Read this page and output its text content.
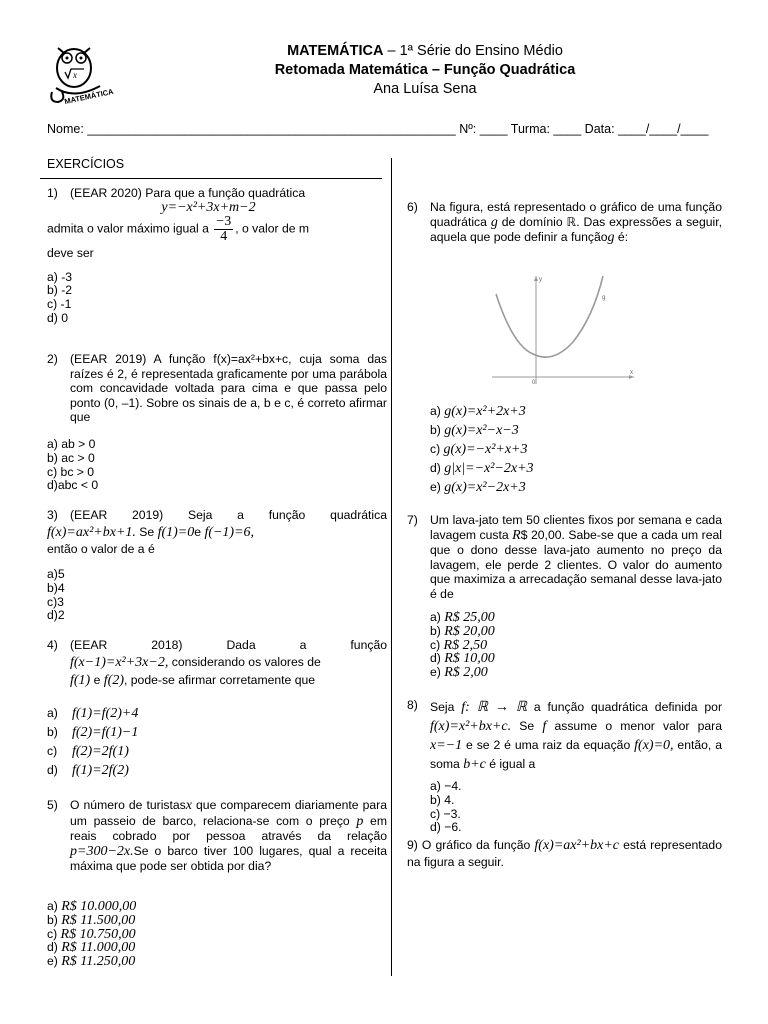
x
MATEMÁTICA
MATEMÁTICA – 1ª Série do Ensino Médio
Retomada Matemática – Função Quadrática
Ana Luísa Sena
Nome: _____________________________________________________ Nº: ____ Turma: ____ Data: ____/____/____
EXERCÍCIOS
1) (EEAR 2020) Para que a função quadrática
y=−x²+3x+m−2
admita o valor máximo igual a $\frac{-3}{4}$ , o valor de m
deve ser
a) -3
b) -2
c) -1
d) 0
2) (EEAR 2019) A função f(x)=ax²+bx+c, cuja soma das raízes é 2, é representada graficamente por uma parábola com concavidade voltada para cima e que passa pelo ponto (0, –1). Sobre os sinais de a, b e c, é correto afirmar que
a) ab > 0
b) ac > 0
c) bc > 0
d)abc < 0
3) (EEAR 2019) Seja a função quadrática
f(x)=ax²+bx+1. Se f(1)=0e f(−1)=6,
então o valor de a é
a)5
b)4
c)3
d)2
4) (EEAR 2018) Dada a função
f(x−1)=x²+3x−2, considerando os valores de
f(1) e f(2), pode-se afirmar corretamente que
a) f(1)=f(2)+4
b) f(2)=f(1)−1
c) f(2)=2f(1)
d) f(1)=2f(2)
5) O número de turistasx que comparecem diariamente para um passeio de barco, relaciona-se com o preço p em reais cobrado por pessoa através da relação p=300−2x.Se o barco tiver 100 lugares, qual a receita máxima que pode ser obtida por dia?
a) R$ 10.000,00
b) R$ 11.500,00
c) R$ 10.750,00
d) R$ 11.000,00
e) R$ 11.250,00
6) Na figura, está representado o gráfico de uma função quadrática g de domínio ℝ. Das expressões a seguir, aquela que pode definir a funçãog é:
g
x
y
0
a) g(x)=x²+2x+3
b) g(x)=x²−x−3
c) g(x)=−x²+x+3
d) g|x|=−x²−2x+3
e) g(x)=x²−2x+3
7) Um lava-jato tem 50 clientes fixos por semana e cada lavagem custa R$ 20,00. Sabe-se que a cada um real que o dono desse lava-jato aumento no preço da lavagem, ele perde 2 clientes. O valor do aumento que maximiza a arrecadação semanal desse lava-jato é de
a) R$ 25,00
b) R$ 20,00
c) R$ 2,50
d) R$ 10,00
e) R$ 2,00
8) Seja f: ℝ → ℝ a função quadrática definida por f(x)=x²+bx+c. Se f assume o menor valor para x=−1 e se 2 é uma raiz da equação f(x)=0, então, a soma b+c é igual a
a) −4.
b) 4.
c) −3.
d) −6.
9) O gráfico da função f(x)=ax²+bx+c está representado na figura a seguir.
